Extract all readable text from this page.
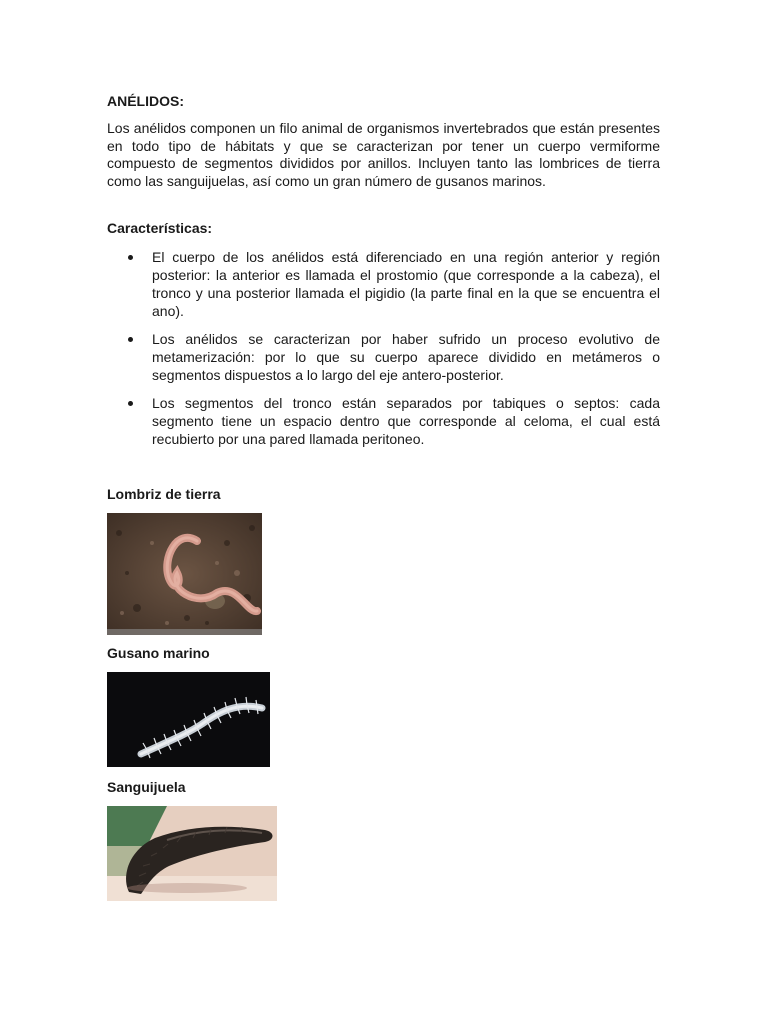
ANÉLIDOS:

Los anélidos componen un filo animal de organismos invertebrados que están presentes en todo tipo de hábitats y que se caracterizan por tener un cuerpo vermiforme compuesto de segmentos divididos por anillos. Incluyen tanto las lombrices de tierra como las sanguijuelas, así como un gran número de gusanos marinos.

Características:
El cuerpo de los anélidos está diferenciado en una región anterior y región posterior: la anterior es llamada el prostomio (que corresponde a la cabeza), el tronco y una posterior llamada el pigidio (la parte final en la que se encuentra el ano).
Los anélidos se caracterizan por haber sufrido un proceso evolutivo de metamerización: por lo que su cuerpo aparece dividido en metámeros o segmentos dispuestos a lo largo del eje antero-posterior.
Los segmentos del tronco están separados por tabiques o septos: cada segmento tiene un espacio dentro que corresponde al celoma, el cual está recubierto por una pared llamada peritoneo.

Lombriz de tierra

Gusano marino

Sanguijuela
